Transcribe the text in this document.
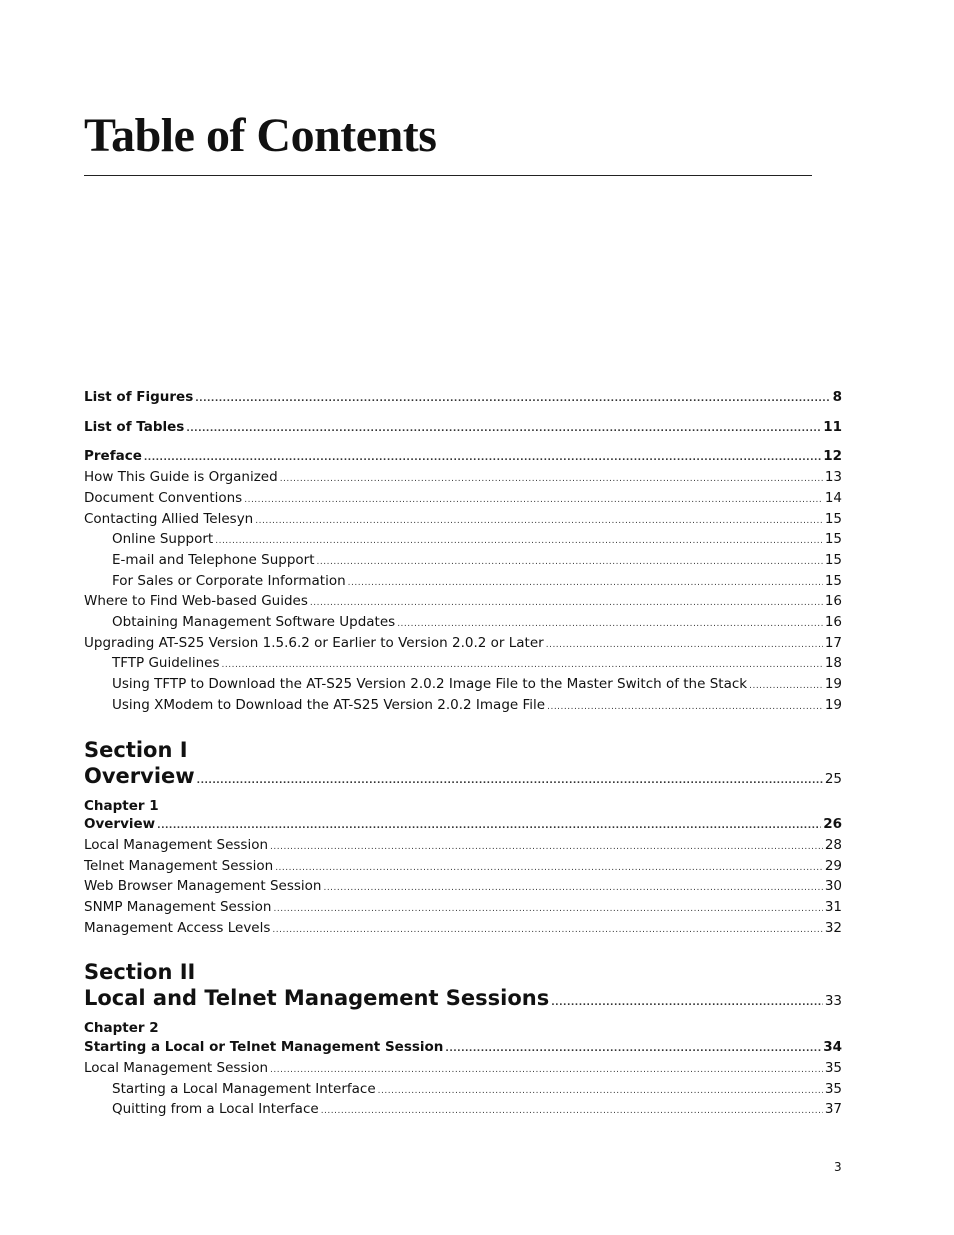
Table of Contents
List of Figures .....	8
List of Tables .....	11
Preface .....	12
How This Guide is Organized .....	13
Document Conventions .....	14
Contacting Allied Telesyn .....	15
Online Support .....	15
E-mail and Telephone Support .....	15
For Sales or Corporate Information .....	15
Where to Find Web-based Guides .....	16
Obtaining Management Software Updates .....	16
Upgrading AT-S25 Version 1.5.6.2 or Earlier to Version 2.0.2 or Later .....	17
TFTP Guidelines .....	18
Using TFTP to Download the AT-S25 Version 2.0.2 Image File to the Master Switch of the Stack .....	19
Using XModem to Download the AT-S25 Version 2.0.2 Image File .....	19
Section I
Overview .....	25
Chapter 1
Overview .....	26
Local Management Session .....	28
Telnet Management Session .....	29
Web Browser Management Session .....	30
SNMP Management Session .....	31
Management Access Levels .....	32
Section II
Local and Telnet Management Sessions .....	33
Chapter 2
Starting a Local or Telnet Management Session .....	34
Local Management Session .....	35
Starting a Local Management Interface .....	35
Quitting from a Local Interface .....	37
3
